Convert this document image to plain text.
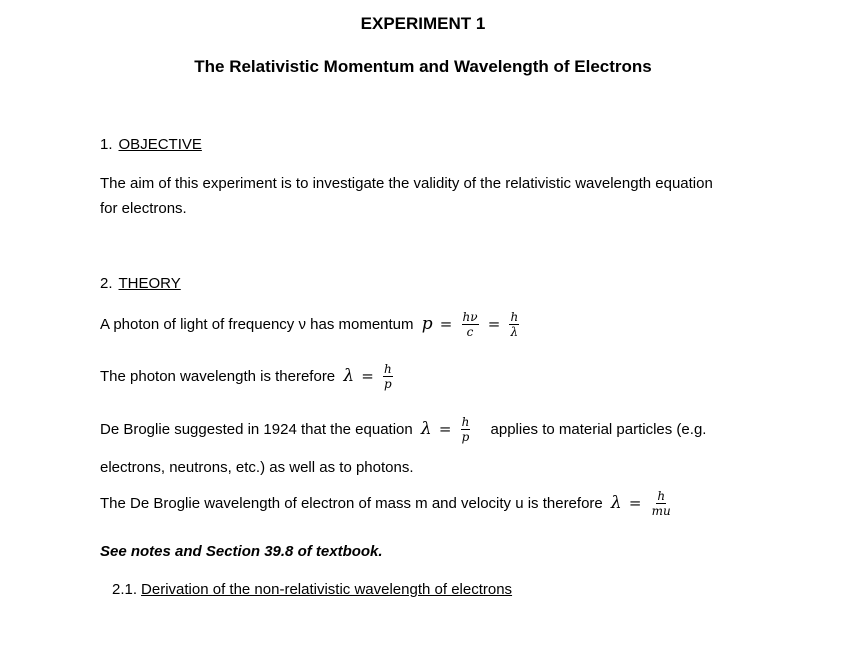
EXPERIMENT 1
The Relativistic Momentum and Wavelength of Electrons
1. OBJECTIVE
The aim of this experiment is to investigate the validity of the relativistic wavelength equation
for electrons.
2. THEORY
A photon of light of frequency ν has momentum $p = \frac{h\nu}{c} = \frac{h}{\lambda}$
The photon wavelength is therefore $\lambda = \frac{h}{p}$
De Broglie suggested in 1924 that the equation $\lambda = \frac{h}{p}$ applies to material particles (e.g.
electrons, neutrons, etc.) as well as to photons.
The De Broglie wavelength of electron of mass m and velocity u is therefore $\lambda = \frac{h}{mu}$
See notes and Section 39.8 of textbook.
2.1. Derivation of the non-relativistic wavelength of electrons
